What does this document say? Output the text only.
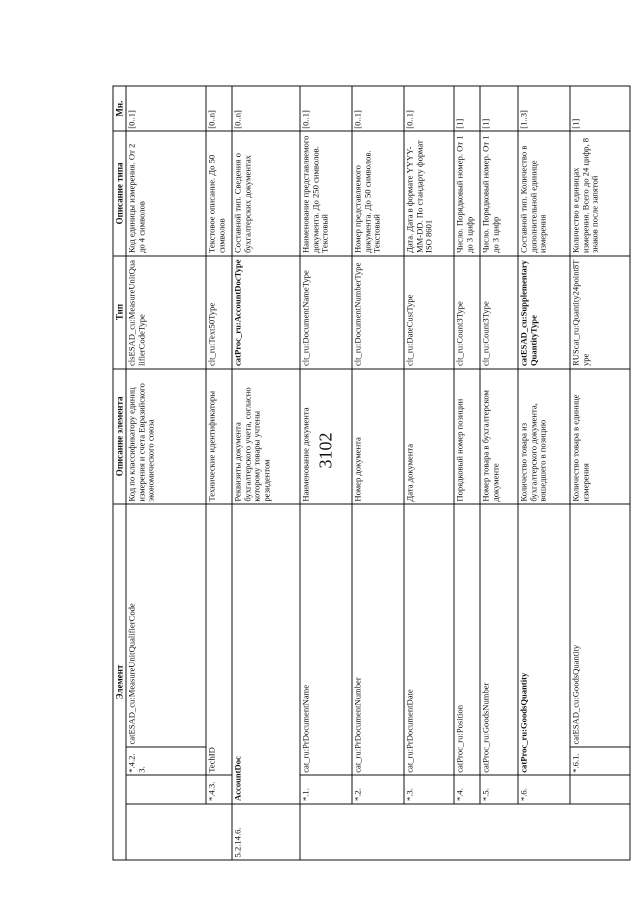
3102
Элемент				Описание элемента	Тип	Описание типа	Мн.
		*.4.2.3.	catESAD_cu:MeasureUnitQualifierCode	Код по классификатору единиц измерения и счета Евразийского экономического союза	clsESAD_cu:MeasureUnitQualifierCodeType	Код единицы измерения. От 2 до 4 символов	[0..1]
	*.4.3.	TechID		Технические идентификаторы	clt_ru:Text50Type	Текстовое описание. До 50 символов	[0..n]
5.2.14.6.	AccountDoc			Реквизиты документа бухгалтерского учета, согласно которому товары учтены резидентом	catProc_ru:AccountDocType	Составной тип. Сведения о бухгалтерских документах	[0..n]
	*.1.	cat_ru:PrDocumentName		Наименование документа	clt_ru:DocumentNameType	Наименование представляемого документа. До 250 символов. Текстовый	[0..1]
	*.2.	cat_ru:PrDocumentNumber		Номер документа	clt_ru:DocumentNumberType	Номер представляемого документа. До 50 символов. Текстовый	[0..1]
	*.3.	cat_ru:PrDocumentDate		Дата документа	clt_ru:DateCustType	Дата. Дата в формате YYYY-MM-DD. По стандарту формат ISO 8601	[0..1]
	*.4.	catProc_ru:Position		Порядковый номер позиции	clt_ru:Count3Type	Число. Порядковый номер. От 1 до 3 цифр	[1]
	*.5.	catProc_ru:GoodsNumber		Номер товара в бухгалтерском документе	clt_ru:Count3Type	Число. Порядковый номер. От 1 до 3 цифр	[1]
	*.6.	catProc_ru:GoodsQuantity		Количество товара из бухгалтерского документа, вошедшего в позицию	catESAD_cu:SupplementaryQuantityType	Составной тип. Количество в дополнительной единице измерения	[1..3]
		*.6.1.	catESAD_cu:GoodsQuantity	Количество товара в единице измерения	RUScat_ru:Quantity24point8Type	Количество в единицах измерения. Всего до 24 цифр, 8 знаков после запятой	[1]
